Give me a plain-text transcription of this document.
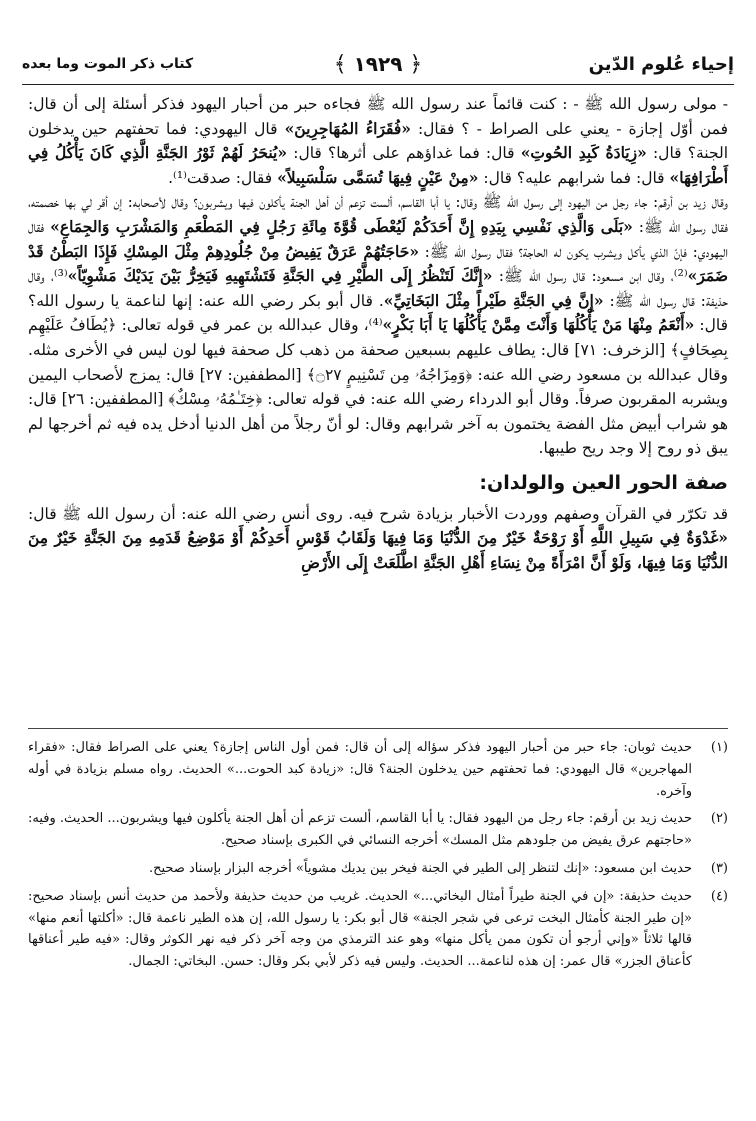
إحياء عُلوم الدّين
﴿ ١٩٢٩ ﴾
كتاب ذكر الموت وما بعده

- مولى رسول الله ﷺ - : كنت قائماً عند رسول الله ﷺ فجاءه حبر من أحبار اليهود فذكر أسئلة إلى أن قال: فمن أوّل إجازة - يعني على الصراط - ؟ فقال: «فُقَرَاءُ المُهَاجِرِينَ» قال اليهودي: فما تحفتهم حين يدخلون الجنة؟ قال: «زِيَادَةُ كَبِدِ الحُوتِ» قال: فما غداؤهم على أثرها؟ قال: «يُنحَرُ لَهُمْ ثَوْرُ الجَنَّةِ الَّذِي كَانَ يَأْكُلُ فِي أَطْرَافِهَا» قال: فما شرابهم عليه؟ قال: «مِنْ عَيْنٍ فِيهَا تُسَمَّى سَلْسَبِيلاً» فقال: صدقت⁽¹⁾.

وقال زيد بن أرقم: جاء رجل من اليهود إلى رسول الله ﷺ وقال: يا أبا القاسم، ألست تزعم أن أهل الجنة يأكلون فيها ويشربون؟ وقال لأصحابه: إن أقر لي بها خصمته، فقال رسول الله ﷺ: «بَلَى وَالَّذِي نَفْسِي بِيَدِهِ إِنَّ أَحَدَكُمْ لَيُعْطَى قُوَّةَ مِائَةِ رَجُلٍ فِي المَطْعَمِ وَالمَشْرَبِ وَالجِمَاعِ» فقال اليهودي: فإنّ الذي يأكل ويشرب يكون له الحاجة؟ فقال رسول الله ﷺ: «حَاجَتُهُمْ عَرَقٌ يَفِيضُ مِنْ جُلُودِهِمْ مِثْلَ المِسْكِ فَإِذَا البَطْنُ قَدْ ضَمَرَ»⁽²⁾، وقال ابن مسعود: قال رسول الله ﷺ: «إِنَّكَ لَتَنْظُرُ إِلَى الطَّيْرِ فِي الجَنَّةِ فَتَشْتَهِيهِ فَيَخِرُّ بَيْنَ يَدَيْكَ مَشْوِيّاً»⁽³⁾، وقال حذيفة: قال رسول الله ﷺ: «إِنَّ فِي الجَنَّةِ طَيْراً مِثْلَ البَخَاتِيِّ». قال أبو بكر رضي الله عنه: إنها لناعمة يا رسول الله؟ قال: «أَنْعَمُ مِنْهَا مَنْ يَأْكُلُهَا وَأَنْتَ مِمَّنْ يَأْكُلُهَا يَا أَبَا بَكْرٍ»⁽⁴⁾، وقال عبدالله بن عمر في قوله تعالى: ﴿يُطَافُ عَلَيْهِم بِصِحَافٍ﴾ [الزخرف: ٧١] قال: يطاف عليهم بسبعين صحفة من ذهب كل صحفة فيها لون ليس في الأخرى مثله. وقال عبدالله بن مسعود رضي الله عنه: ﴿وَمِزَاجُهُۥ مِن تَسْنِيمٍ ۝٢٧﴾ [المطففين: ٢٧] قال: يمزج لأصحاب اليمين ويشربه المقربون صرفاً. وقال أبو الدرداء رضي الله عنه: في قوله تعالى: ﴿خِتَـٰمُهُۥ مِسْكٌ﴾ [المطففين: ٢٦] قال: هو شراب أبيض مثل الفضة يختمون به آخر شرابهم وقال: لو أنّ رجلاً من أهل الدنيا أدخل يده فيه ثم أخرجها لم يبق ذو روح إلا وجد ريح طيبها.

صفة الحور العين والولدان:

قد تكرّر في القرآن وصفهم ووردت الأخبار بزيادة شرح فيه. روى أنس رضي الله عنه: أن رسول الله ﷺ قال: «غَدْوَةٌ فِي سَبِيلِ اللَّهِ أَوْ رَوْحَةٌ خَيْرٌ مِنَ الدُّنْيَا وَمَا فِيهَا وَلَقَابُ قَوْسِ أَحَدِكُمْ أَوْ مَوْضِعُ قَدَمِهِ مِنَ الجَنَّةِ خَيْرٌ مِنَ الدُّنْيَا وَمَا فِيهَا، وَلَوْ أَنَّ امْرَأَةً مِنْ نِسَاءِ أَهْلِ الجَنَّةِ اطَّلَعَتْ إِلَى الأَرْضِ

(١)
حديث ثوبان: جاء حبر من أحبار اليهود فذكر سؤاله إلى أن قال: فمن أول الناس إجازة؟ يعني على الصراط فقال: «فقراء المهاجرين» قال اليهودي: فما تحفتهم حين يدخلون الجنة؟ قال: «زيادة كبد الحوت...» الحديث. رواه مسلم بزيادة في أوله وآخره.
(٢)
حديث زيد بن أرقم: جاء رجل من اليهود فقال: يا أبا القاسم، ألست تزعم أن أهل الجنة يأكلون فيها ويشربون... الحديث. وفيه: «حاجتهم عرق يفيض من جلودهم مثل المسك» أخرجه النسائي في الكبرى بإسناد صحيح.
(٣)
حديث ابن مسعود: «إنك لتنظر إلى الطير في الجنة فيخر بين يديك مشوياً» أخرجه البزار بإسناد صحيح.
(٤)
حديث حذيفة: «إن في الجنة طيراً أمثال البخاتي...» الحديث. غريب من حديث حذيفة ولأحمد من حديث أنس بإسناد صحيح: «إن طير الجنة كأمثال البخت ترعى في شجر الجنة» قال أبو بكر: يا رسول الله، إن هذه الطير ناعمة قال: «أكلتها أنعم منها» قالها ثلاثاً «وإني أرجو أن تكون ممن يأكل منها» وهو عند الترمذي من وجه آخر ذكر فيه نهر الكوثر وقال: «فيه طير أعناقها كأعناق الجزر» قال عمر: إن هذه لناعمة... الحديث. وليس فيه ذكر لأبي بكر وقال: حسن. البخاتي: الجمال.
